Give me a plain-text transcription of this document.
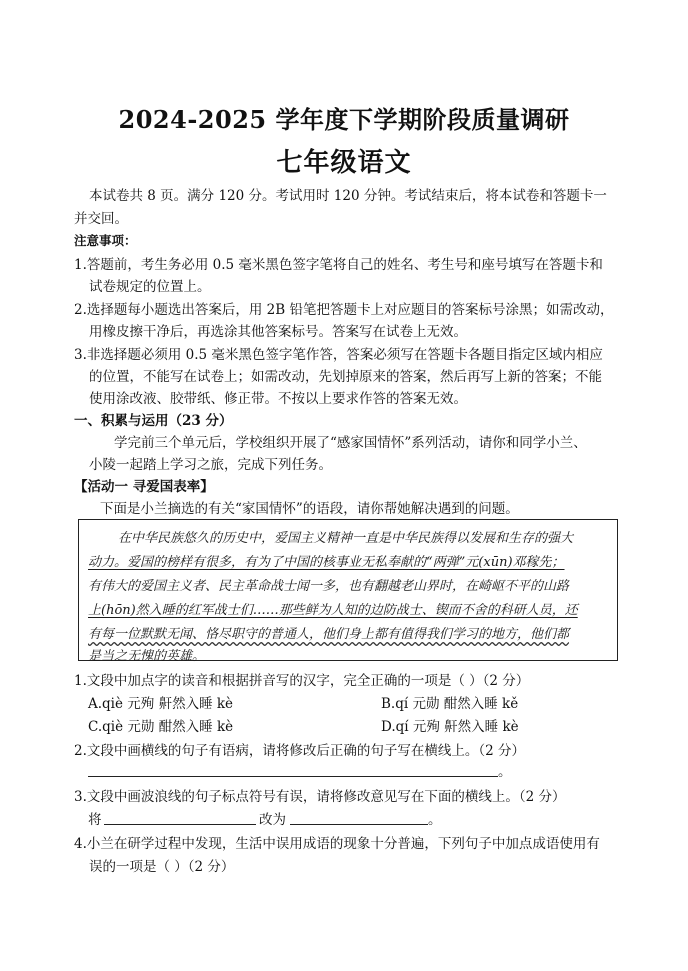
2024-2025 学年度下学期阶段质量调研
七年级语文
本试卷共 8 页。满分 120 分。考试用时 120 分钟。考试结束后，将本试卷和答题卡一
并交回。
注意事项：
1.答题前，考生务必用 0.5 毫米黑色签字笔将自己的姓名、考生号和座号填写在答题卡和
试卷规定的位置上。
2.选择题每小题选出答案后，用 2B 铅笔把答题卡上对应题目的答案标号涂黑；如需改动，
用橡皮擦干净后，再选涂其他答案标号。答案写在试卷上无效。
3.非选择题必须用 0.5 毫米黑色签字笔作答，答案必须写在答题卡各题目指定区域内相应
的位置，不能写在试卷上；如需改动，先划掉原来的答案，然后再写上新的答案；不能
使用涂改液、胶带纸、修正带。不按以上要求作答的答案无效。
一、积累与运用（23 分）
学完前三个单元后，学校组织开展了“感家国情怀”系列活动，请你和同学小兰、
小陵一起踏上学习之旅，完成下列任务。
【活动一 寻爱国表率】
下面是小兰摘选的有关“家国情怀”的语段，请你帮她解决遇到的问题。
在中华民族悠久的历史中，爱国主义精神一直是中华民族得以发展和生存的强大
动力。爱国的榜样有很多，有为了中国的核事业无私奉献的“两弹”元(xūn)邓稼先；
有伟大的爱国主义者、民主革命战士闻一多，也有翻越老山界时，在崎岖不平的山路
上(hōn)然入睡的红军战士们……那些鲜为人知的边防战士、锲而不舍的科研人员，还
有每一位默默无闻、恪尽职守的普通人，他们身上都有值得我们学习的地方，他们都
是当之无愧的英雄。
1.文段中加点字的读音和根据拼音写的汉字，完全正确的一项是（ ）（2 分）
A.qiè 元殉 鼾然入睡 kè	B.qí 元勋 酣然入睡 kě
C.qiè 元勋 酣然入睡 kè	D.qí 元殉 鼾然入睡 kè
2.文段中画横线的句子有语病，请将修改后正确的句子写在横线上。（2 分）
。
3.文段中画波浪线的句子标点符号有误，请将修改意见写在下面的横线上。（2 分）
将	改为	。
4.小兰在研学过程中发现，生活中误用成语的现象十分普遍，下列句子中加点成语使用有
误的一项是（ ）（2 分）
